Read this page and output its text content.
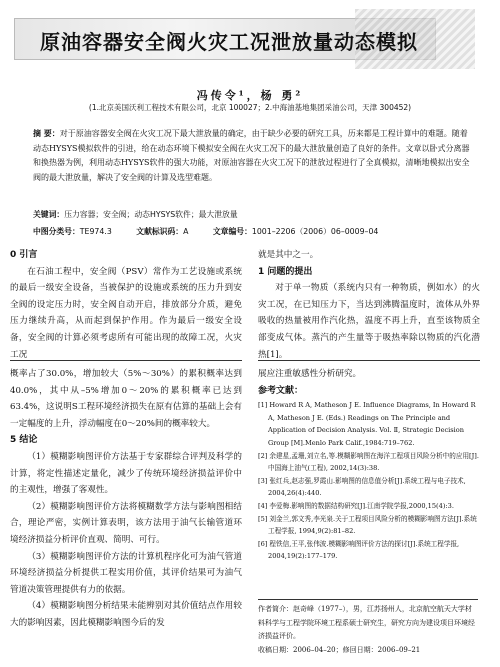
原油容器安全阀火灾工况泄放量动态模拟
冯传令¹，杨 勇²
(1.北京美国沃利工程技术有限公司，北京 100027；2.中海油基地集团采油公司，天津 300452)
摘 要：对于原油容器安全阀在火灾工况下最大泄放量的确定，由于缺少必要的研究工具，历来都是工程计算中的难题。随着动态HYSYS模拟软件的引进，给在动态环境下模拟安全阀在火灾工况下的最大泄放量创造了良好的条件。文章以卧式分离器和换热器为例，利用动态HYSYS软件的强大功能，对原油容器在火灾工况下的泄放过程进行了全真模拟，清晰地模拟出安全阀的最大泄放量，解决了安全阀的计算及选型难题。
关键词：压力容器；安全阀；动态HYSYS软件；最大泄放量
中图分类号：TE974.3	文献标识码：A	文章编号：1001–2206（2006）06–0009–04
0 引言

在石油工程中，安全阀（PSV）常作为工艺设施或系统的最后一级安全设备，当被保护的设施或系统的压力升到安全阀的设定压力时，安全阀自动开启，排放部分介质，避免压力继续升高，从而起到保护作用。作为最后一级安全设备，安全阀的计算必须考虑所有可能出现的故障工况，火灾工况

就是其中之一。

1 问题的提出

对于单一物质（系统内只有一种物质，例如水）的火灾工况，在已知压力下，当达到沸腾温度时，流体从外界吸收的热量被用作汽化热，温度不再上升，直至该物质全部变成气体。蒸汽的产生量等于吸热率除以物质的汽化潜热[1]。

概率占了30.0%，增加较大（5%～30%）的累积概率达到40.0%，其中从–5%增加0～20%的累积概率已达到63.4%，这说明S工程环境经济损失在原有估算的基础上会有一定幅度的上升，浮动幅度在0～20%间的概率较大。

5 结论

（1）模糊影响图评价方法基于专家群综合评判及科学的计算，将定性描述定量化，减少了传统环境经济损益评价中的主观性，增强了客观性。

（2）模糊影响图评价方法将模糊数学方法与影响图相结合，理论严密，实例计算表明，该方法用于油气长输管道环境经济损益分析评价直观、简明、可行。

（3）模糊影响图评价方法的计算机程序化可为油气管道环境经济损益分析提供工程实用价值，其评价结果可为油气管道决策管理提供有力的依据。

（4）模糊影响图分析结果未能辨别对其价值结点作用较大的影响因素，因此模糊影响图今后的发

展应注重敏感性分析研究。

参考文献：

[1] Howard R A, Matheson J E. Influence Diagrams, In Howard R A, Matheson J E. (Eds.) Readings on The Principle and Application of Decision Analysis. Vol. Ⅱ, Strategic Decision Group [M].Menlo Park Calif.,1984:719–762.

[2] 余建星,孟珊,刘立名,等.模糊影响图在海洋工程项目风险分析中的应用[J].中国海上油气(工程), 2002,14(3):38.

[3] 张红兵,赵志强,罗霞山.影响图的信息值分析[J].系统工程与电子技术, 2004,26(4):440.

[4] 李爱梅.影响图的数据结构研究[J].江南学院学报,2000,15(4):3.

[5] 刘金兰,郭文秀,李光泉.关于工程项目风险分析的模糊影响图方法[J].系统工程学报, 1994,9(2):81–82.

[6] 程铁信,王平,张伟波.模糊影响图评价方法的探讨[J].系统工程学报, 2004,19(2):177–179.

作者简介：赵奇峰（1977–），男，江苏扬州人，北京航空航天大学材料科学与工程学院环境工程系硕士研究生，研究方向为建设项目环境经济损益评价。
收稿日期：2006–04–20；修回日期：2006–09–21
